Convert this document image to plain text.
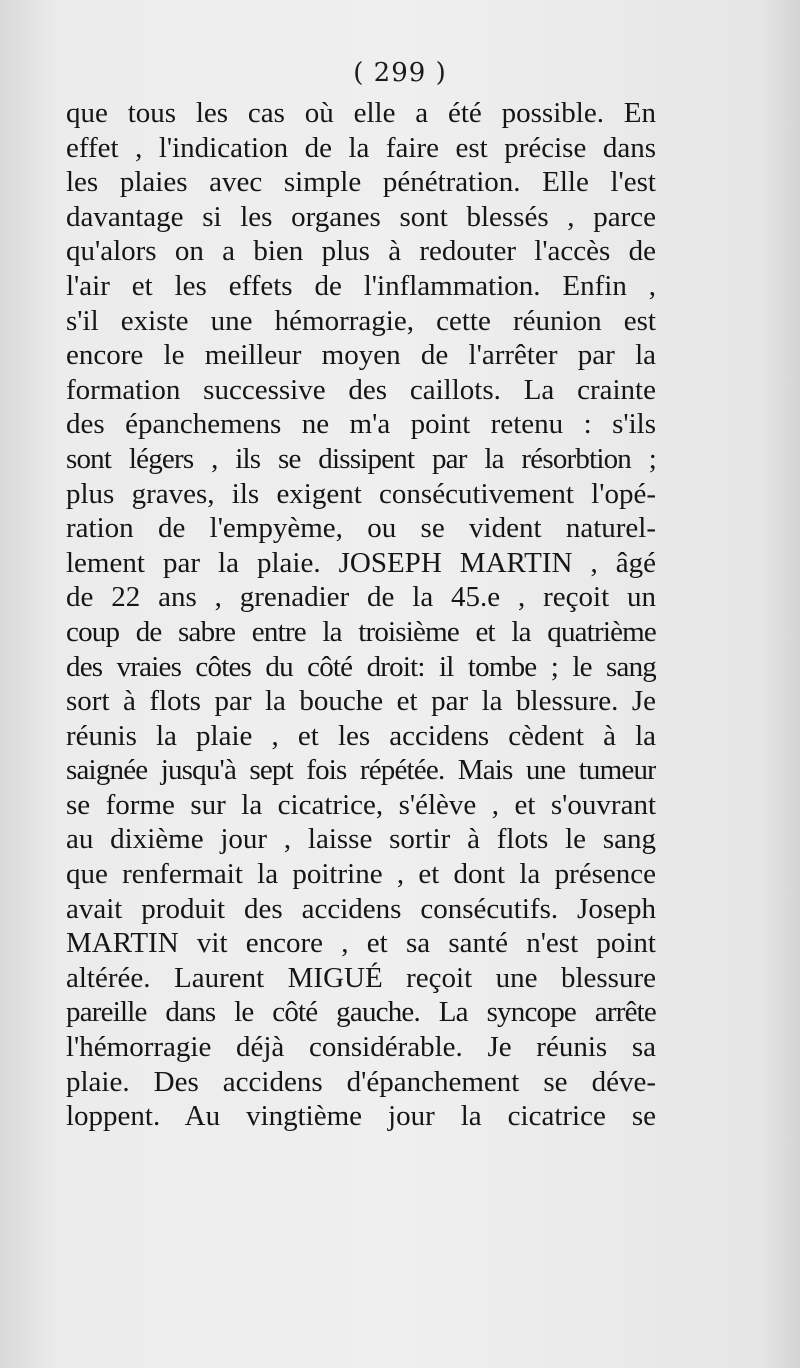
( 299 )
que tous les cas où elle a été possible. En
effet , l'indication de la faire est précise dans
les plaies avec simple pénétration. Elle l'est
davantage si les organes sont blessés , parce
qu'alors on a bien plus à redouter l'accès de
l'air et les effets de l'inflammation. Enfin ,
s'il existe une hémorragie, cette réunion est
encore le meilleur moyen de l'arrêter par la
formation successive des caillots. La crainte
des épanchemens ne m'a point retenu : s'ils
sont légers , ils se dissipent par la résorbtion ;
plus graves, ils exigent consécutivement l'opé-
ration de l'empyème, ou se vident naturel-
lement par la plaie. JOSEPH MARTIN , âgé
de 22 ans , grenadier de la 45.e , reçoit un
coup de sabre entre la troisième et la quatrième
des vraies côtes du côté droit: il tombe ; le sang
sort à flots par la bouche et par la blessure. Je
réunis la plaie , et les accidens cèdent à la
saignée jusqu'à sept fois répétée. Mais une tumeur
se forme sur la cicatrice, s'élève , et s'ouvrant
au dixième jour , laisse sortir à flots le sang
que renfermait la poitrine , et dont la présence
avait produit des accidens consécutifs. Joseph
MARTIN vit encore , et sa santé n'est point
altérée. Laurent MIGUÉ reçoit une blessure
pareille dans le côté gauche. La syncope arrête
l'hémorragie déjà considérable. Je réunis sa
plaie. Des accidens d'épanchement se déve-
loppent. Au vingtième jour la cicatrice se
